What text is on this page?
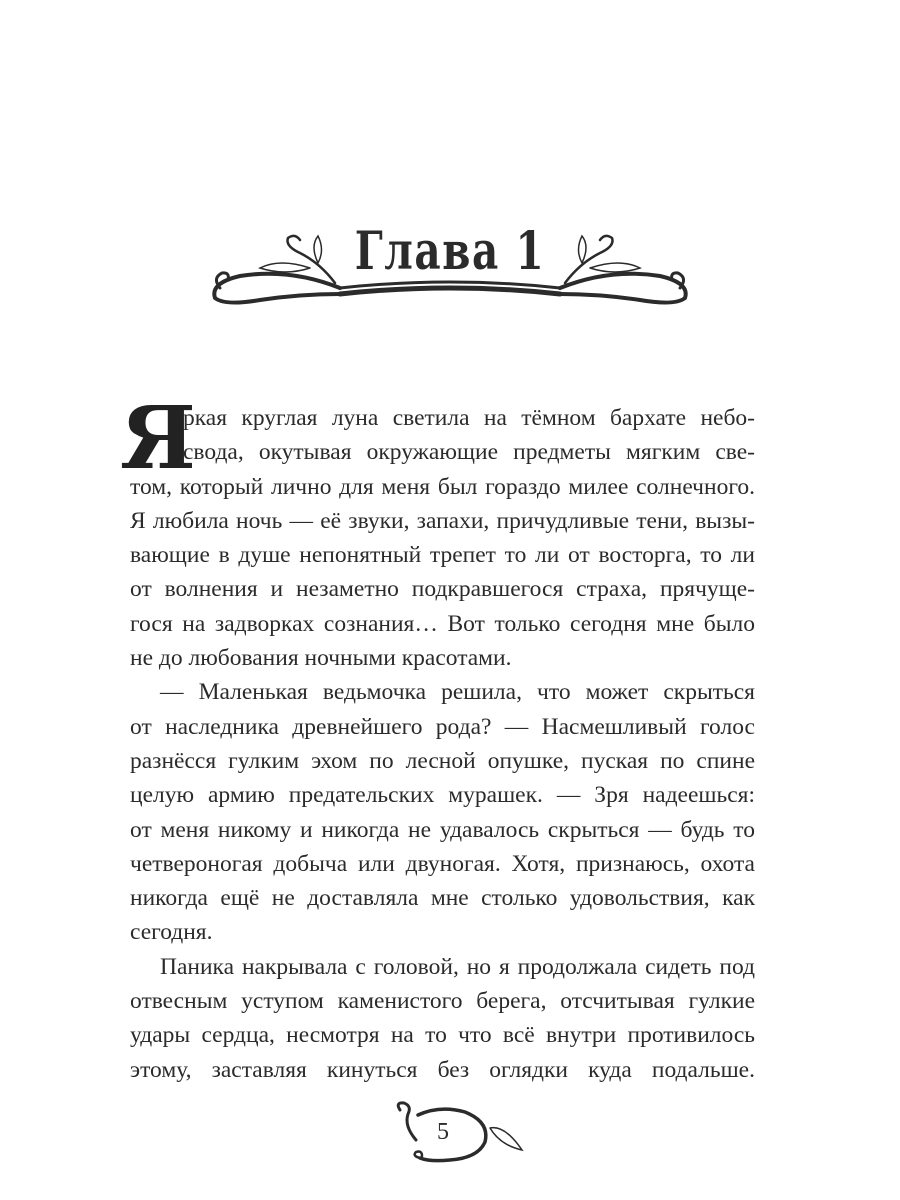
Глава 1
Я
ркая круглая луна светила на тёмном бархате небо-
свода, окутывая окружающие предметы мягким све-
том, который лично для меня был гораздо милее солнечного.
Я любила ночь — её звуки, запахи, причудливые тени, вызы-
вающие в душе непонятный трепет то ли от восторга, то ли
от волнения и незаметно подкравшегося страха, прячуще-
гося на задворках сознания… Вот только сегодня мне было
не до любования ночными красотами.
— Маленькая ведьмочка решила, что может скрыться
от наследника древнейшего рода? — Насмешливый голос
разнёсся гулким эхом по лесной опушке, пуская по спине
целую армию предательских мурашек. — Зря надеешься:
от меня никому и никогда не удавалось скрыться — будь то
четвероногая добыча или двуногая. Хотя, признаюсь, охота
никогда ещё не доставляла мне столько удовольствия, как
сегодня.
Паника накрывала с головой, но я продолжала сидеть под
отвесным уступом каменистого берега, отсчитывая гулкие
удары сердца, несмотря на то что всё внутри противилось
этому, заставляя кинуться без оглядки куда подальше.
5
